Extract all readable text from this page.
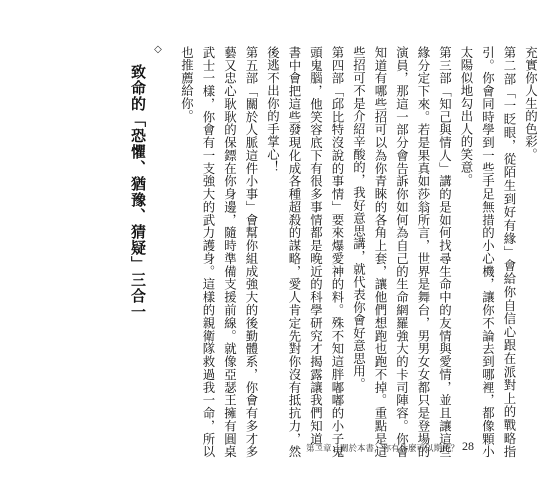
充實你人生的色彩。

第二部「一眨眼，從陌生到好有緣」會給你自信心跟在派對上的戰略指引。你會同時學到一些手足無措的小心機，讓你不論去到哪裡，都像顆小太陽似地勾出人的笑意。

第三部「知己與情人」講的是如何找尋生命中的友情與愛情，並且讓這些緣分定下來。若是果真如莎翁所言，世界是舞台，男男女女都只是登場的演員，那這一部分會告訴你如何為自己的生命網羅強大的卡司陣容。你會知道有哪些招可以為你青睞的各角上套，讓他們想跑也跑不掉。重點是這些招可不是介紹辛酸的，我好意思講，就代表你會好意思用。

第四部「邱比特沒說的事情」要來爆愛神的料。殊不知這胖嘟嘟的小子鬼頭鬼腦，他笑容底下有很多事情都是晚近的科學研究才揭露讓我們知道。書中會把這些發現化成各種超殺的謀略，愛人肯定先對你沒有抵抗力，然後逃不出你的手掌心！

第五部「關於人脈這件小事」會幫你組成強大的後勤體系，你會有多才多藝又忠心耿耿的保鏢在你身邊，隨時準備支援前線。就像亞瑟王擁有圓桌武士一樣，你會有一支強大的武力護身。這樣的親衛隊救過我一命，所以也推薦給你。

◇
致命的「恐懼、猶豫、猜疑」三合一
第二章：關於本書，你有什麼可以期待？ 28
